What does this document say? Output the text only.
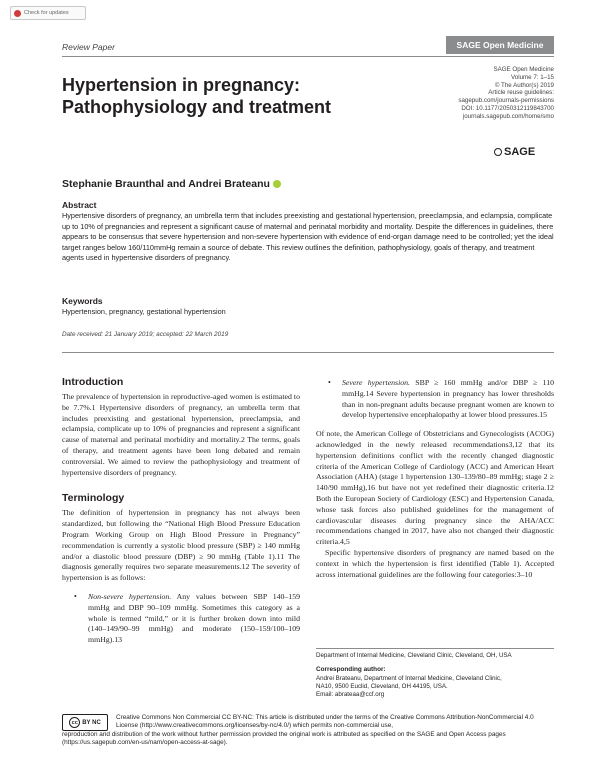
Check for updates
Review Paper	SAGE Open Medicine
Hypertension in pregnancy:
Pathophysiology and treatment
SAGE Open Medicine
Volume 7: 1–15
© The Author(s) 2019
Article reuse guidelines:
sagepub.com/journals-permissions
DOI: 10.1177/2050312119843700
journals.sagepub.com/home/smo
SAGE
Stephanie Braunthal and Andrei Brateanu
Abstract
Hypertensive disorders of pregnancy, an umbrella term that includes preexisting and gestational hypertension, preeclampsia, and eclampsia, complicate up to 10% of pregnancies and represent a significant cause of maternal and perinatal morbidity and mortality. Despite the differences in guidelines, there appears to be consensus that severe hypertension and non-severe hypertension with evidence of end-organ damage need to be controlled; yet the ideal target ranges below 160/110mmHg remain a source of debate. This review outlines the definition, pathophysiology, goals of therapy, and treatment agents used in hypertensive disorders of pregnancy.
Keywords
Hypertension, pregnancy, gestational hypertension
Date received: 21 January 2019; accepted: 22 March 2019
Introduction

The prevalence of hypertension in reproductive-aged women is estimated to be 7.7%.1 Hypertensive disorders of pregnancy, an umbrella term that includes preexisting and gestational hypertension, preeclampsia, and eclampsia, complicate up to 10% of pregnancies and represent a significant cause of maternal and perinatal morbidity and mortality.2 The terms, goals of therapy, and treatment agents have been long debated and remain controversial. We aimed to review the pathophysiology and treatment of hypertensive disorders of pregnancy.

Terminology

The definition of hypertension in pregnancy has not always been standardized, but following the “National High Blood Pressure Education Program Working Group on High Blood Pressure in Pregnancy” recommendation is currently a systolic blood pressure (SBP) ≥ 140 mmHg and/or a diastolic blood pressure (DBP) ≥ 90 mmHg (Table 1).11 The diagnosis generally requires two separate measurements.12 The severity of hypertension is as follows:

•	Non-severe hypertension. Any values between SBP 140–159 mmHg and DBP 90–109 mmHg. Sometimes this category as a whole is termed “mild,” or it is further broken down into mild (140–149/90–99 mmHg) and moderate (150–159/100–109 mmHg).13
•	Severe hypertension. SBP ≥ 160 mmHg and/or DBP ≥ 110 mmHg.14 Severe hypertension in pregnancy has lower thresholds than in non-pregnant adults because pregnant women are known to develop hypertensive encephalopathy at lower blood pressures.15

Of note, the American College of Obstetricians and Gynecologists (ACOG) acknowledged in the newly released recommendations3,12 that its hypertension definitions conflict with the recently changed diagnostic criteria of the American College of Cardiology (ACC) and American Heart Association (AHA) (stage 1 hypertension 130–139/80–89 mmHg; stage 2 ≥ 140/90 mmHg),16 but have not yet redefined their diagnostic criteria.12 Both the European Society of Cardiology (ESC) and Hypertension Canada, whose task forces also published guidelines for the management of cardiovascular diseases during pregnancy since the AHA/ACC recommendations changed in 2017, have also not changed their diagnostic criteria.4,5

Specific hypertensive disorders of pregnancy are named based on the context in which the hypertension is first identified (Table 1). Accepted across international guidelines are the following four categories:3–10

Department of Internal Medicine, Cleveland Clinic, Cleveland, OH, USA
Corresponding author:
Andrei Brateanu, Department of Internal Medicine, Cleveland Clinic,
NA10, 9500 Euclid, Cleveland, OH 44195, USA.
Email: abrateaa@ccf.org
cc BY NC
Creative Commons Non Commercial CC BY-NC: This article is distributed under the terms of the Creative Commons Attribution-NonCommercial 4.0 License (http://www.creativecommons.org/licenses/by-nc/4.0/) which permits non-commercial use,
reproduction and distribution of the work without further permission provided the original work is attributed as specified on the SAGE and Open Access pages (https://us.sagepub.com/en-us/nam/open-access-at-sage).
